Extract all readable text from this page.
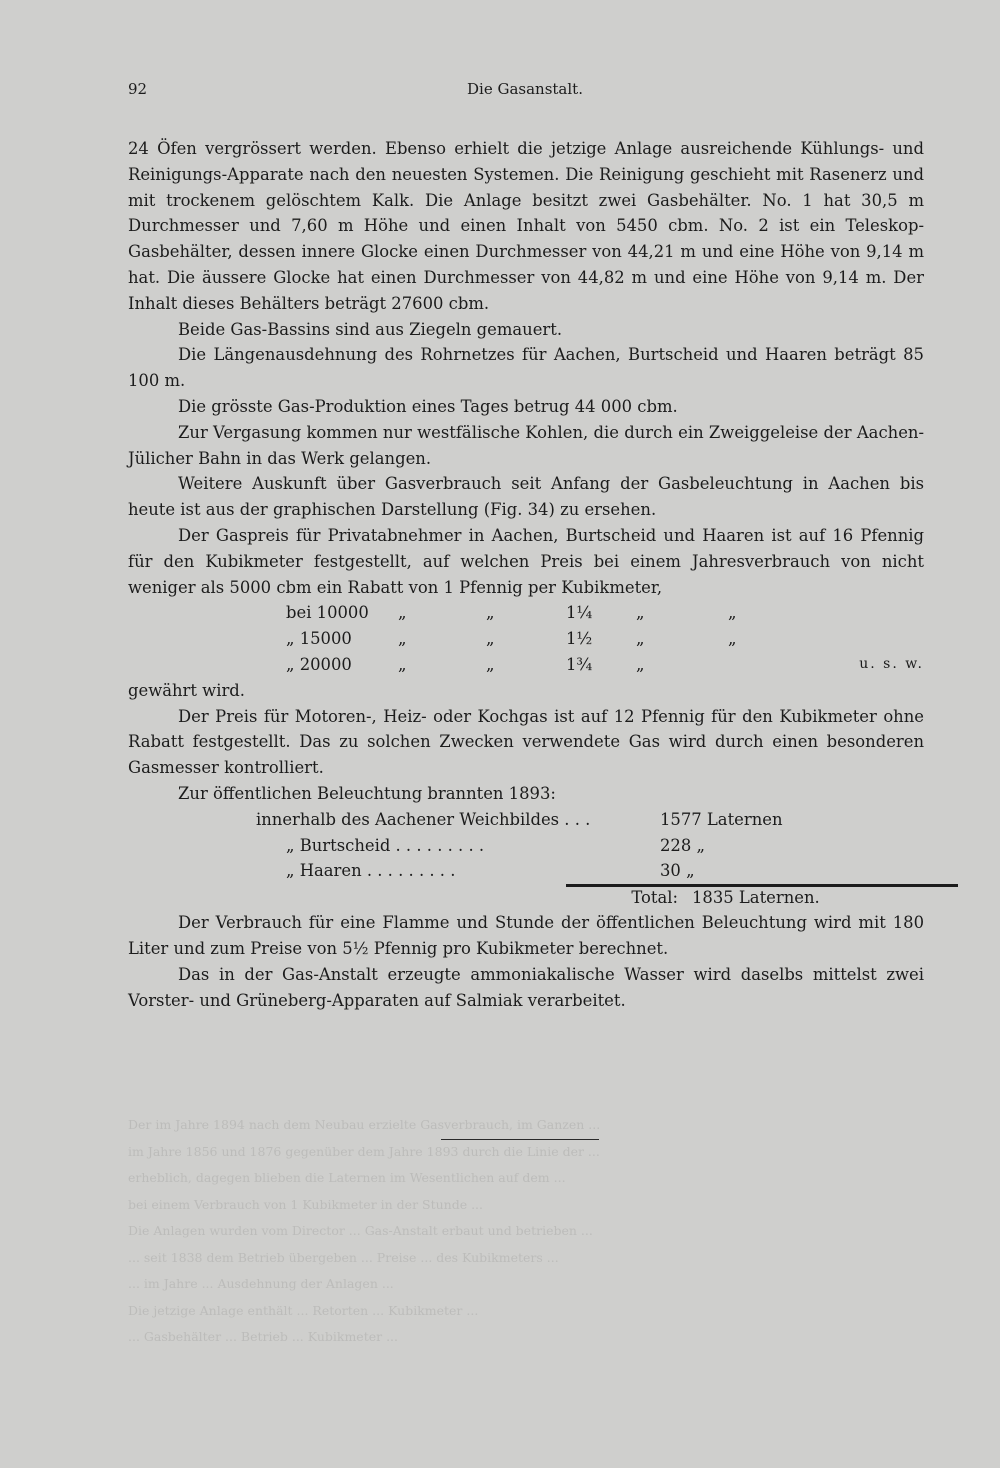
92	Die Gasanstalt.

24 Öfen vergrössert werden. Ebenso erhielt die jetzige Anlage ausreichende Kühlungs- und Reinigungs-Apparate nach den neuesten Systemen. Die Reinigung geschieht mit Rasenerz und mit trockenem gelöschtem Kalk. Die Anlage besitzt zwei Gasbehälter. No. 1 hat 30,5 m Durchmesser und 7,60 m Höhe und einen Inhalt von 5450 cbm. No. 2 ist ein Teleskop-Gasbehälter, dessen innere Glocke einen Durchmesser von 44,21 m und eine Höhe von 9,14 m hat. Die äussere Glocke hat einen Durchmesser von 44,82 m und eine Höhe von 9,14 m. Der Inhalt dieses Behälters beträgt 27600 cbm.

Beide Gas-Bassins sind aus Ziegeln gemauert.

Die Längenausdehnung des Rohrnetzes für Aachen, Burtscheid und Haaren beträgt 85 100 m.

Die grösste Gas-Produktion eines Tages betrug 44 000 cbm.

Zur Vergasung kommen nur westfälische Kohlen, die durch ein Zweiggeleise der Aachen-Jülicher Bahn in das Werk gelangen.

Weitere Auskunft über Gasverbrauch seit Anfang der Gasbeleuchtung in Aachen bis heute ist aus der graphischen Darstellung (Fig. 34) zu ersehen.

Der Gaspreis für Privatabnehmer in Aachen, Burtscheid und Haaren ist auf 16 Pfennig für den Kubikmeter festgestellt, auf welchen Preis bei einem Jahresverbrauch von nicht weniger als 5000 cbm ein Rabatt von 1 Pfennig per Kubikmeter,

bei 10000	„	„	1¼	„	„
„ 15000	„	„	1½	„	„
„ 20000	„	„	1¾	„	u. s. w.

gewährt wird.

Der Preis für Motoren-, Heiz- oder Kochgas ist auf 12 Pfennig für den Kubikmeter ohne Rabatt festgestellt. Das zu solchen Zwecken verwendete Gas wird durch einen besonderen Gasmesser kontrolliert.

Zur öffentlichen Beleuchtung brannten 1893:

innerhalb des Aachener Weichbildes . . .	1577 Laternen
„ Burtscheid . . . . . . . . .	228 „
„ Haaren . . . . . . . . .	30 „
Total: 1835 Laternen.

Der Verbrauch für eine Flamme und Stunde der öffentlichen Beleuchtung wird mit 180 Liter und zum Preise von 5½ Pfennig pro Kubikmeter berechnet.

Das in der Gas-Anstalt erzeugte ammoniakalische Wasser wird daselbs mittelst zwei Vorster- und Grüneberg-Apparaten auf Salmiak verarbeitet.

Der im Jahre 1894 nach dem Neubau erzielte Gasverbrauch, im Ganzen ...

im Jahre 1856 und 1876 gegenüber dem Jahre 1893 durch die Linie der ...

erheblich, dagegen blieben die Laternen im Wesentlichen auf dem ...

bei einem Verbrauch von 1 Kubikmeter in der Stunde ...

Die Anlagen wurden vom Director ... Gas-Anstalt erbaut und betrieben ...

... seit 1838 dem Betrieb übergeben ... Preise ... des Kubikmeters ...

... im Jahre ... Ausdehnung der Anlagen ...

Die jetzige Anlage enthält ... Retorten ... Kubikmeter ...

... Gasbehälter ... Betrieb ... Kubikmeter ...
